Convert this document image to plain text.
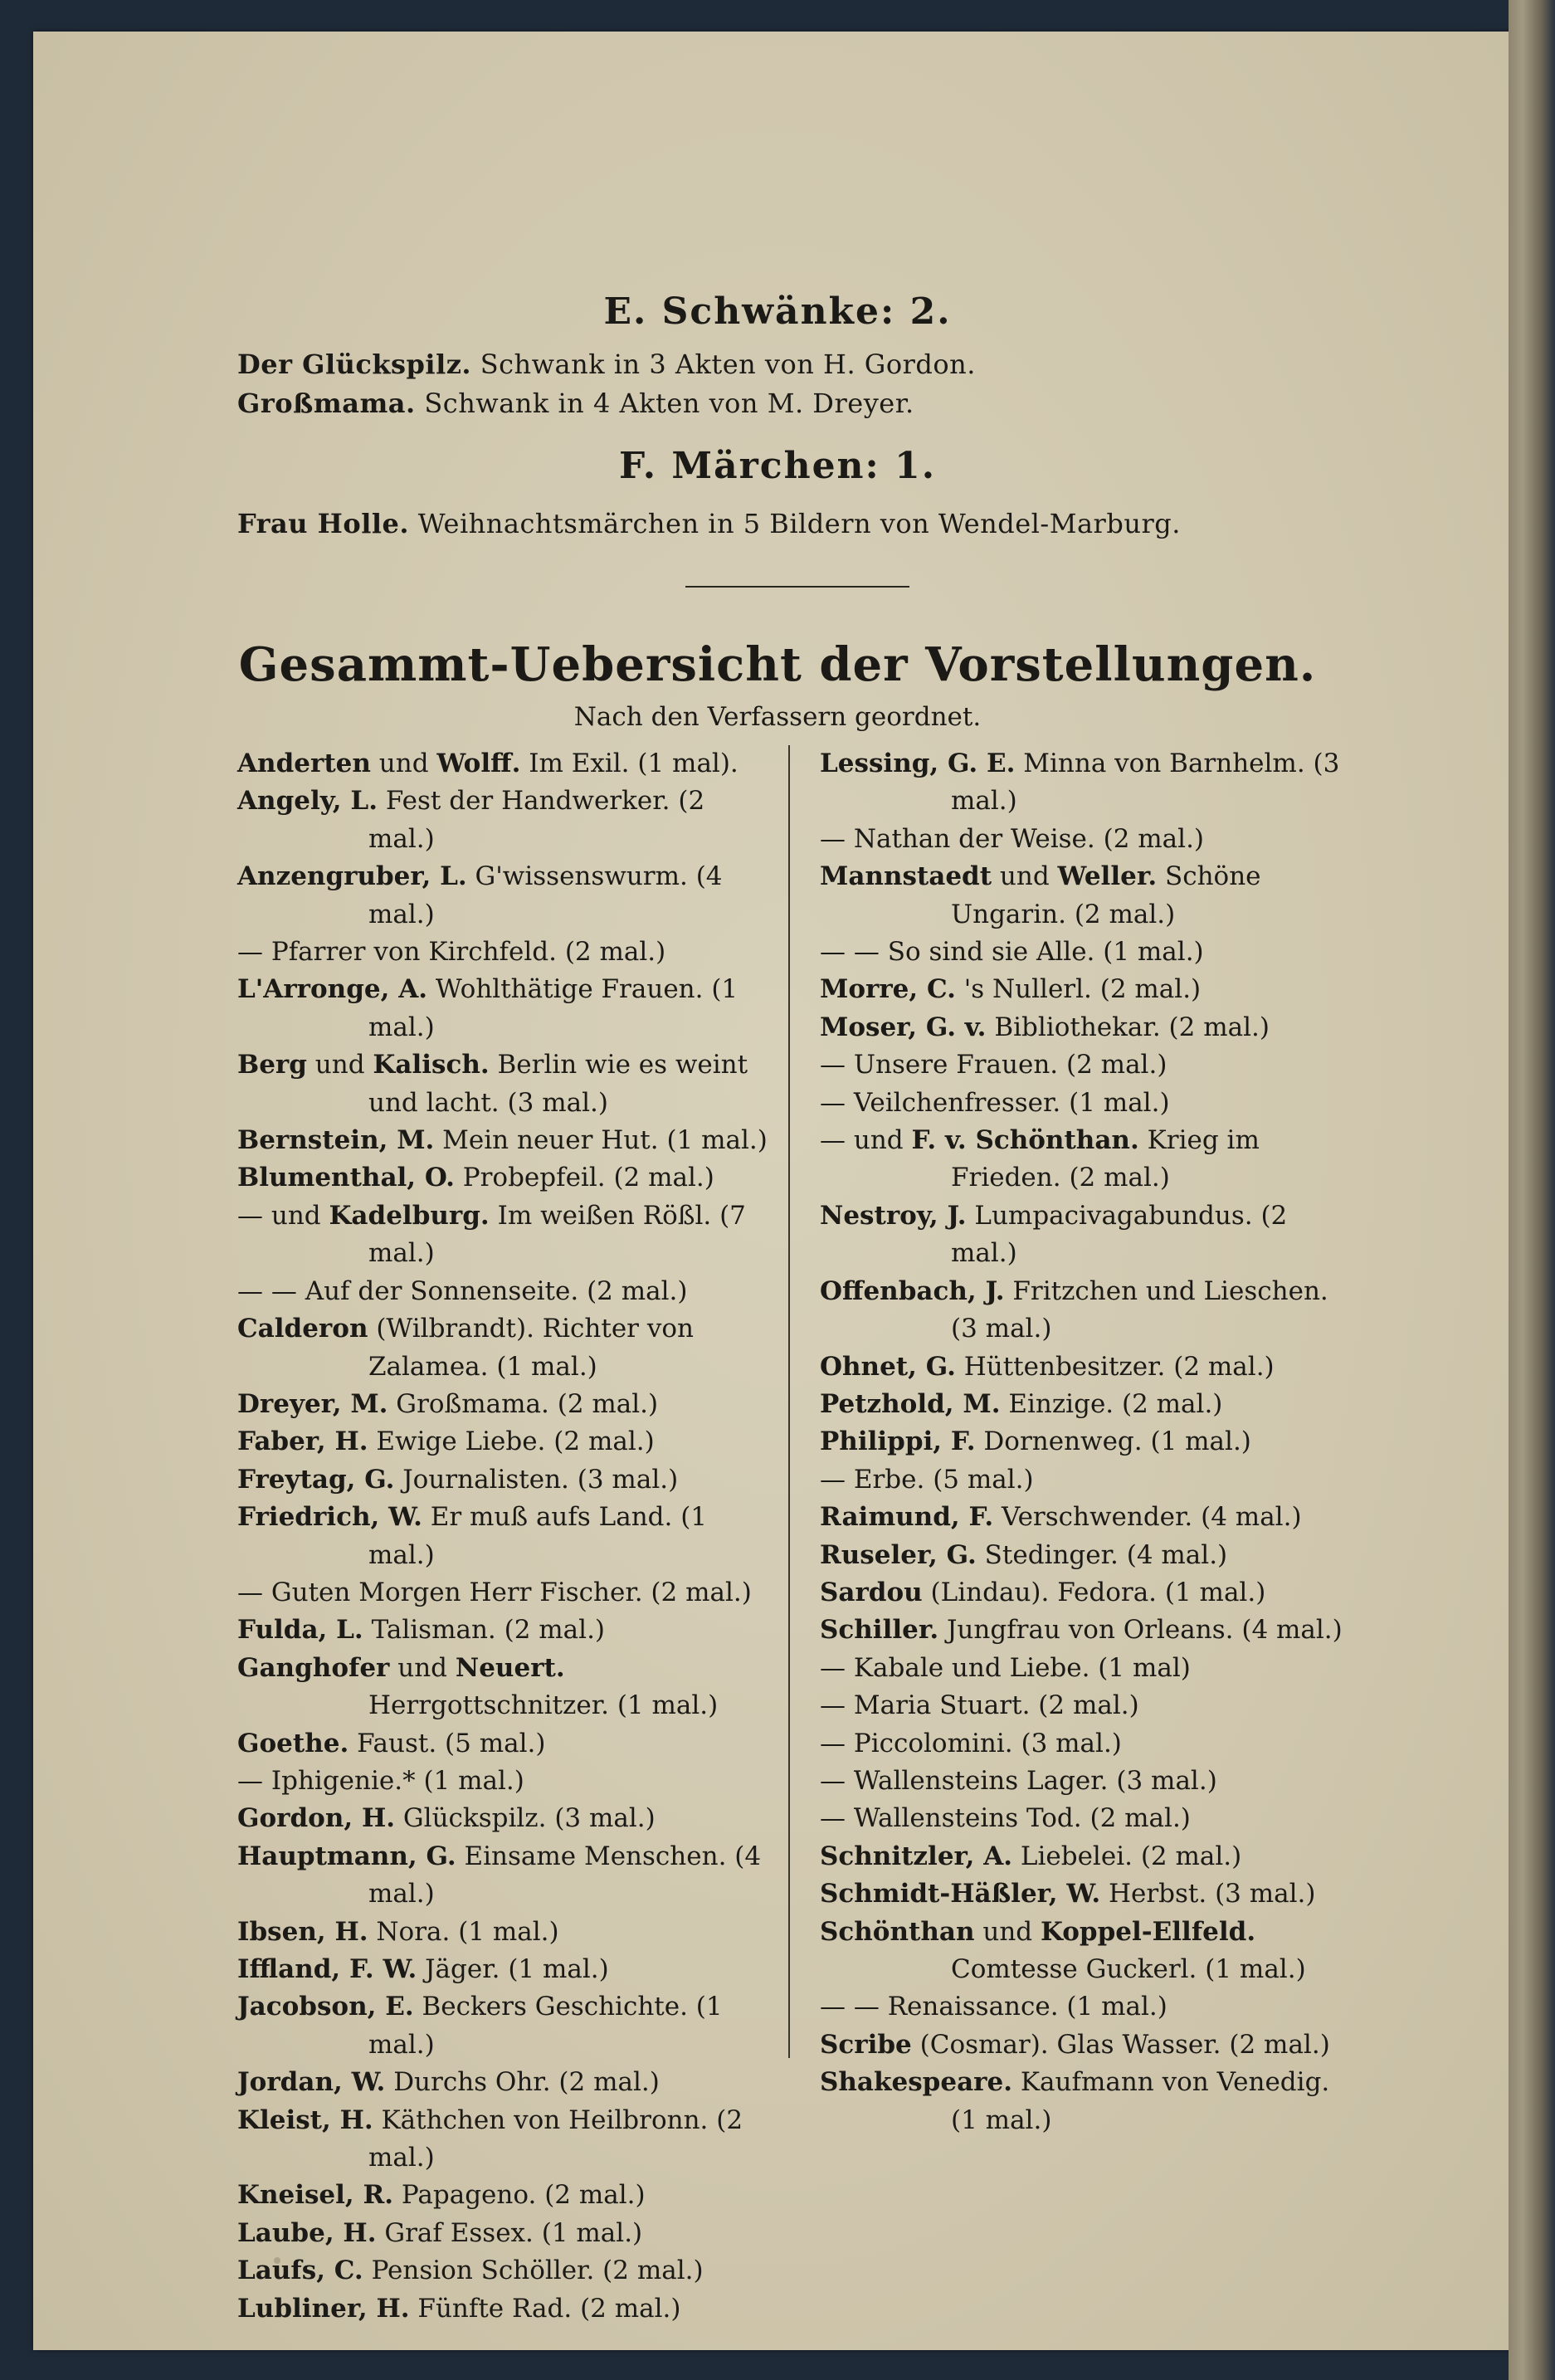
E. Schwänke: 2.
Der Glückspilz. Schwank in 3 Akten von H. Gordon.
Großmama. Schwank in 4 Akten von M. Dreyer.
F. Märchen: 1.
Frau Holle. Weihnachtsmärchen in 5 Bildern von Wendel-Marburg.
Gesammt-Uebersicht der Vorstellungen.
Nach den Verfassern geordnet.
Anderten und Wolff. Im Exil. (1 mal).
Angely, L. Fest der Handwerker. (2 mal.)
Anzengruber, L. G'wissenswurm. (4 mal.)
— Pfarrer von Kirchfeld. (2 mal.)
L'Arronge, A. Wohlthätige Frauen. (1 mal.)
Berg und Kalisch. Berlin wie es weint und lacht. (3 mal.)
Bernstein, M. Mein neuer Hut. (1 mal.)
Blumenthal, O. Probepfeil. (2 mal.)
— und Kadelburg. Im weißen Rößl. (7 mal.)
— — Auf der Sonnenseite. (2 mal.)
Calderon (Wilbrandt). Richter von Zalamea. (1 mal.)
Dreyer, M. Großmama. (2 mal.)
Faber, H. Ewige Liebe. (2 mal.)
Freytag, G. Journalisten. (3 mal.)
Friedrich, W. Er muß aufs Land. (1 mal.)
— Guten Morgen Herr Fischer. (2 mal.)
Fulda, L. Talisman. (2 mal.)
Ganghofer und Neuert. Herrgottschnitzer. (1 mal.)
Goethe. Faust. (5 mal.)
— Iphigenie.* (1 mal.)
Gordon, H. Glückspilz. (3 mal.)
Hauptmann, G. Einsame Menschen. (4 mal.)
Ibsen, H. Nora. (1 mal.)
Iffland, F. W. Jäger. (1 mal.)
Jacobson, E. Beckers Geschichte. (1 mal.)
Jordan, W. Durchs Ohr. (2 mal.)
Kleist, H. Käthchen von Heilbronn. (2 mal.)
Kneisel, R. Papageno. (2 mal.)
Laube, H. Graf Essex. (1 mal.)
Laufs, C. Pension Schöller. (2 mal.)
Lubliner, H. Fünfte Rad. (2 mal.)
Lessing, G. E. Minna von Barnhelm. (3 mal.)
— Nathan der Weise. (2 mal.)
Mannstaedt und Weller. Schöne Ungarin. (2 mal.)
— — So sind sie Alle. (1 mal.)
Morre, C. 's Nullerl. (2 mal.)
Moser, G. v. Bibliothekar. (2 mal.)
— Unsere Frauen. (2 mal.)
— Veilchenfresser. (1 mal.)
— und F. v. Schönthan. Krieg im Frieden. (2 mal.)
Nestroy, J. Lumpacivagabundus. (2 mal.)
Offenbach, J. Fritzchen und Lieschen. (3 mal.)
Ohnet, G. Hüttenbesitzer. (2 mal.)
Petzhold, M. Einzige. (2 mal.)
Philippi, F. Dornenweg. (1 mal.)
— Erbe. (5 mal.)
Raimund, F. Verschwender. (4 mal.)
Ruseler, G. Stedinger. (4 mal.)
Sardou (Lindau). Fedora. (1 mal.)
Schiller. Jungfrau von Orleans. (4 mal.)
— Kabale und Liebe. (1 mal)
— Maria Stuart. (2 mal.)
— Piccolomini. (3 mal.)
— Wallensteins Lager. (3 mal.)
— Wallensteins Tod. (2 mal.)
Schnitzler, A. Liebelei. (2 mal.)
Schmidt-Häßler, W. Herbst. (3 mal.)
Schönthan und Koppel-Ellfeld. Comtesse Guckerl. (1 mal.)
— — Renaissance. (1 mal.)
Scribe (Cosmar). Glas Wasser. (2 mal.)
Shakespeare. Kaufmann von Venedig. (1 mal.)
